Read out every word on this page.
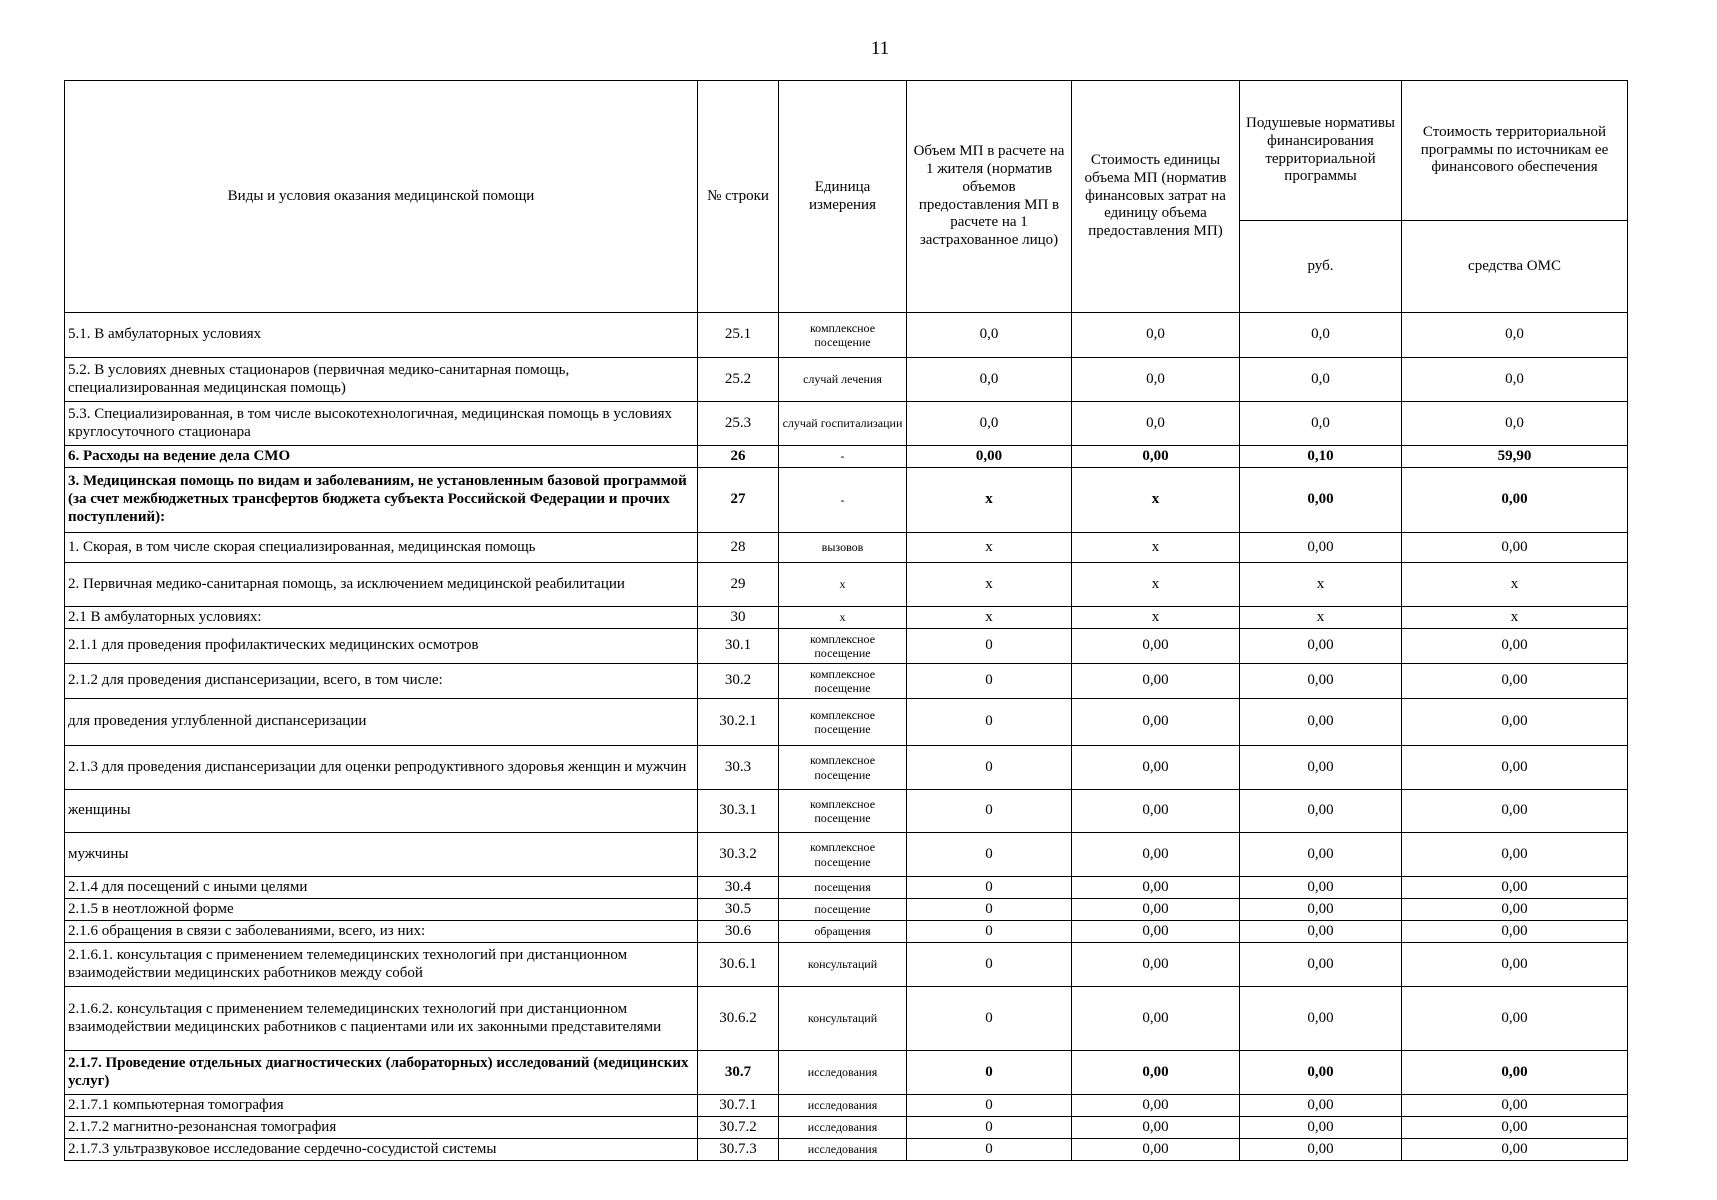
11
Виды и условия оказания медицинской помощи	№ строки	Единица измерения	Объем МП в расчете на 1 жителя (норматив объемов предоставления МП в расчете на 1 застрахованное лицо)	Стоимость единицы объема МП (норматив финансовых затрат на единицу объема предоставления МП)	Подушевые нормативы финансирования территориальной программы	Стоимость территориальной программы по источникам ее финансового обеспечения
					руб.	средства ОМС
5.1. В амбулаторных условиях	25.1	комплексное посещение	0,0	0,0	0,0	0,0
5.2. В условиях дневных стационаров (первичная медико-санитарная помощь, специализированная медицинская помощь)	25.2	случай лечения	0,0	0,0	0,0	0,0
5.3. Специализированная, в том числе высокотехнологичная, медицинская помощь в условиях круглосуточного стационара	25.3	случай госпитализации	0,0	0,0	0,0	0,0
6. Расходы на ведение дела СМО	26	-	0,00	0,00	0,10	59,90
3. Медицинская помощь по видам и заболеваниям, не установленным базовой программой (за счет межбюджетных трансфертов бюджета субъекта Российской Федерации и прочих поступлений):	27	-	х	х	0,00	0,00
1. Скорая, в том числе скорая специализированная, медицинская помощь	28	вызовов	х	х	0,00	0,00
2. Первичная медико-санитарная помощь, за исключением медицинской реабилитации	29	х	х	х	х	х
2.1 В амбулаторных условиях:	30	х	х	х	х	х
2.1.1 для проведения профилактических медицинских осмотров	30.1	комплексное посещение	0	0,00	0,00	0,00
2.1.2 для проведения диспансеризации, всего, в том числе:	30.2	комплексное посещение	0	0,00	0,00	0,00
для проведения углубленной диспансеризации	30.2.1	комплексное посещение	0	0,00	0,00	0,00
2.1.3 для проведения диспансеризации для оценки репродуктивного здоровья женщин и мужчин	30.3	комплексное посещение	0	0,00	0,00	0,00
женщины	30.3.1	комплексное посещение	0	0,00	0,00	0,00
мужчины	30.3.2	комплексное посещение	0	0,00	0,00	0,00
2.1.4 для посещений с иными целями	30.4	посещения	0	0,00	0,00	0,00
2.1.5 в неотложной форме	30.5	посещение	0	0,00	0,00	0,00
2.1.6 обращения в связи с заболеваниями, всего, из них:	30.6	обращения	0	0,00	0,00	0,00
2.1.6.1. консультация с применением телемедицинских технологий при дистанционном взаимодействии медицинских работников между собой	30.6.1	консультаций	0	0,00	0,00	0,00
2.1.6.2. консультация с применением телемедицинских технологий при дистанционном взаимодействии медицинских работников с пациентами или их законными представителями	30.6.2	консультаций	0	0,00	0,00	0,00
2.1.7. Проведение отдельных диагностических (лабораторных) исследований (медицинских услуг)	30.7	исследования	0	0,00	0,00	0,00
2.1.7.1 компьютерная томография	30.7.1	исследования	0	0,00	0,00	0,00
2.1.7.2 магнитно-резонансная томография	30.7.2	исследования	0	0,00	0,00	0,00
2.1.7.3 ультразвуковое исследование сердечно-сосудистой системы	30.7.3	исследования	0	0,00	0,00	0,00
